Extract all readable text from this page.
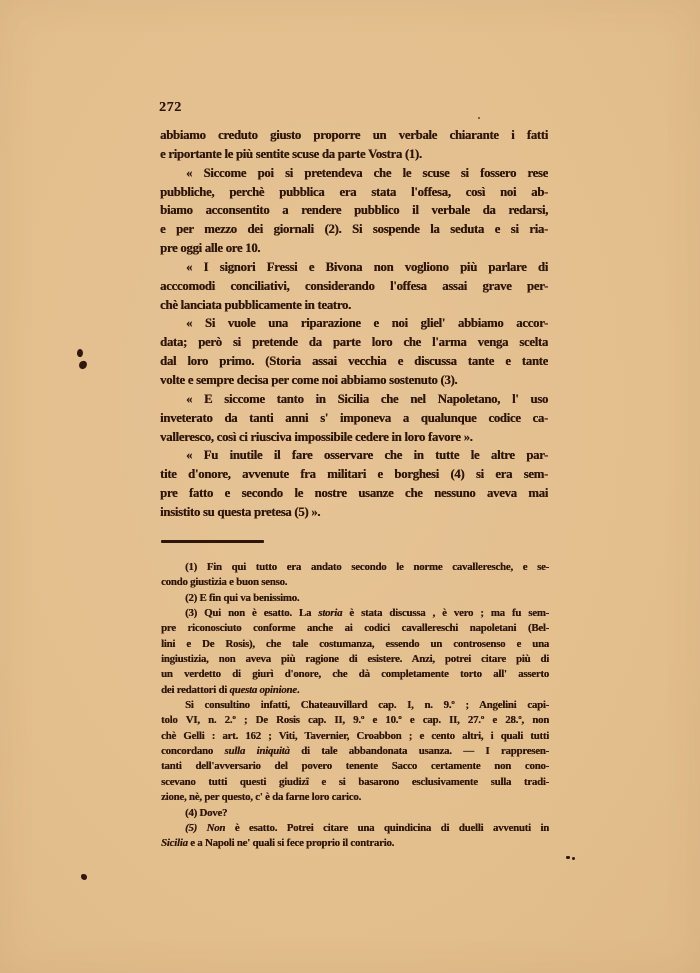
272
abbiamo creduto giusto proporre un verbale chiarante i fatti
e riportante le più sentite scuse da parte Vostra (1).
« Siccome poi si pretendeva che le scuse si fossero rese
pubbliche, perchè pubblica era stata l'offesa, così noi ab-
biamo acconsentito a rendere pubblico il verbale da redarsi,
e per mezzo dei giornali (2). Si sospende la seduta e si ria-
pre oggi alle ore 10.
« I signori Fressi e Bivona non vogliono più parlare di
acccomodi conciliativi, considerando l'offesa assai grave per-
chè lanciata pubblicamente in teatro.
« Si vuole una riparazione e noi gliel' abbiamo accor-
data; però si pretende da parte loro che l'arma venga scelta
dal loro primo. (Storia assai vecchia e discussa tante e tante
volte e sempre decisa per come noi abbiamo sostenuto (3).
« E siccome tanto in Sicilia che nel Napoletano, l' uso
inveterato da tanti anni s' imponeva a qualunque codice ca-
valleresco, così ci riusciva impossibile cedere in loro favore ».
« Fu inutile il fare osservare che in tutte le altre par-
tite d'onore, avvenute fra militari e borghesi (4) si era sem-
pre fatto e secondo le nostre usanze che nessuno aveva mai
insistito su questa pretesa (5) ».
(1) Fin qui tutto era andato secondo le norme cavalleresche, e se-
condo giustizia e buon senso.
(2) E fin qui va benissimo.
(3) Qui non è esatto. La storia è stata discussa , è vero ; ma fu sem-
pre riconosciuto conforme anche ai codici cavallereschi napoletani (Bel-
lini e De Rosis), che tale costumanza, essendo un controsenso e una
ingiustizia, non aveva più ragione di esistere. Anzi, potrei citare più di
un verdetto di giurì d'onore, che dà completamente torto all' asserto
dei redattori di questa opinione.
Si consultino infatti, Chateauvillard cap. I, n. 9.º ; Angelini capi-
tolo VI, n. 2.º ; De Rosis cap. II, 9.º e 10.º e cap. II, 27.º e 28.º, non
chè Gelli : art. 162 ; Viti, Tavernier, Croabbon ; e cento altri, i quali tutti
concordano sulla iniquità di tale abbandonata usanza. — I rappresen-
tanti dell'avversario del povero tenente Sacco certamente non cono-
scevano tutti questi giudizî e si basarono esclusivamente sulla tradi-
zione, nè, per questo, c' è da farne loro carico.
(4) Dove?
(5) Non è esatto. Potrei citare una quindicina di duelli avvenuti in
Sicilia e a Napoli ne' quali si fece proprio il contrario.
